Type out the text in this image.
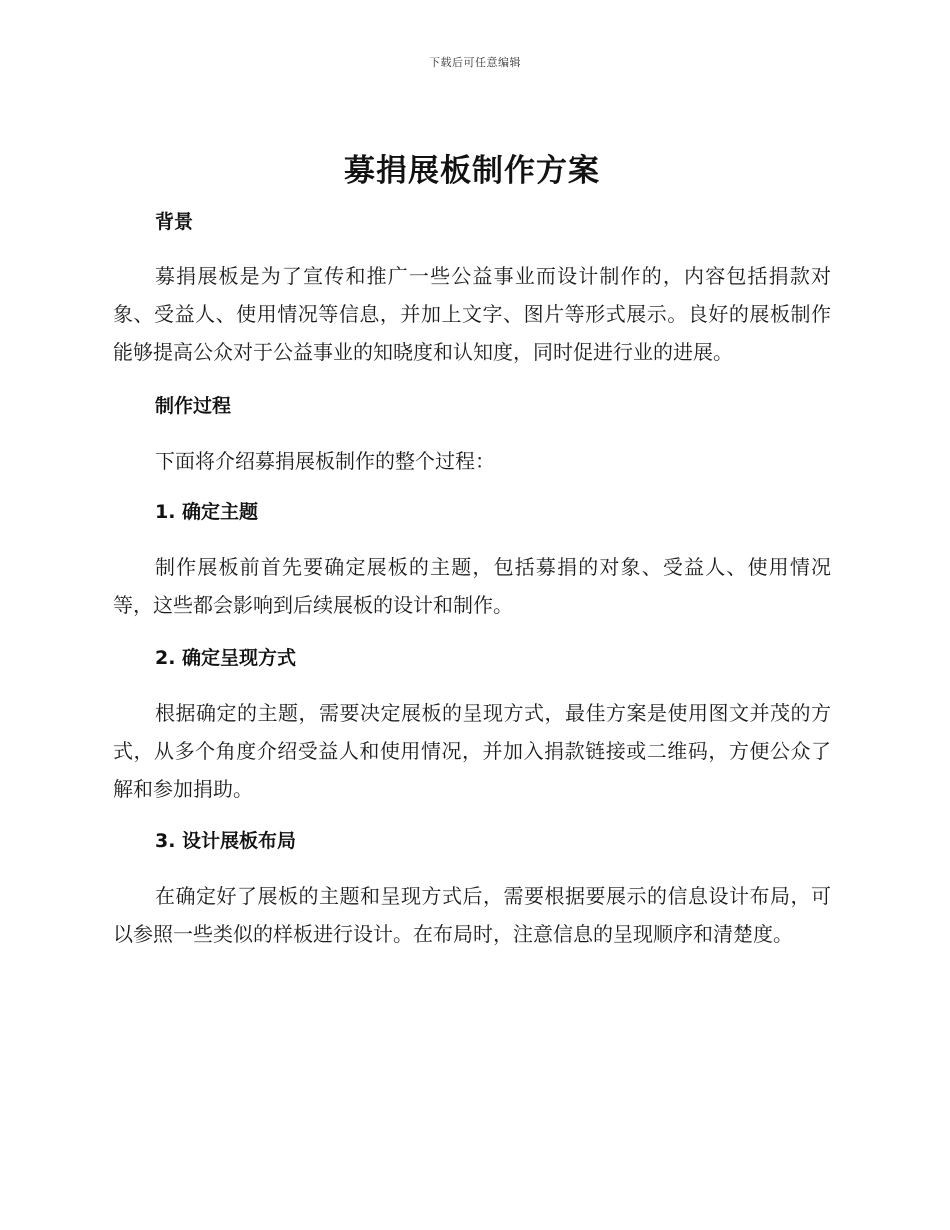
下载后可任意编辑
募捐展板制作方案
背景

募捐展板是为了宣传和推广一些公益事业而设计制作的，内容包括捐款对象、受益人、使用情况等信息，并加上文字、图片等形式展示。良好的展板制作能够提高公众对于公益事业的知晓度和认知度，同时促进行业的进展。

制作过程

下面将介绍募捐展板制作的整个过程：

1. 确定主题

制作展板前首先要确定展板的主题，包括募捐的对象、受益人、使用情况等，这些都会影响到后续展板的设计和制作。

2. 确定呈现方式

根据确定的主题，需要决定展板的呈现方式，最佳方案是使用图文并茂的方式，从多个角度介绍受益人和使用情况，并加入捐款链接或二维码，方便公众了解和参加捐助。

3. 设计展板布局

在确定好了展板的主题和呈现方式后，需要根据要展示的信息设计布局，可以参照一些类似的样板进行设计。在布局时，注意信息的呈现顺序和清楚度。
